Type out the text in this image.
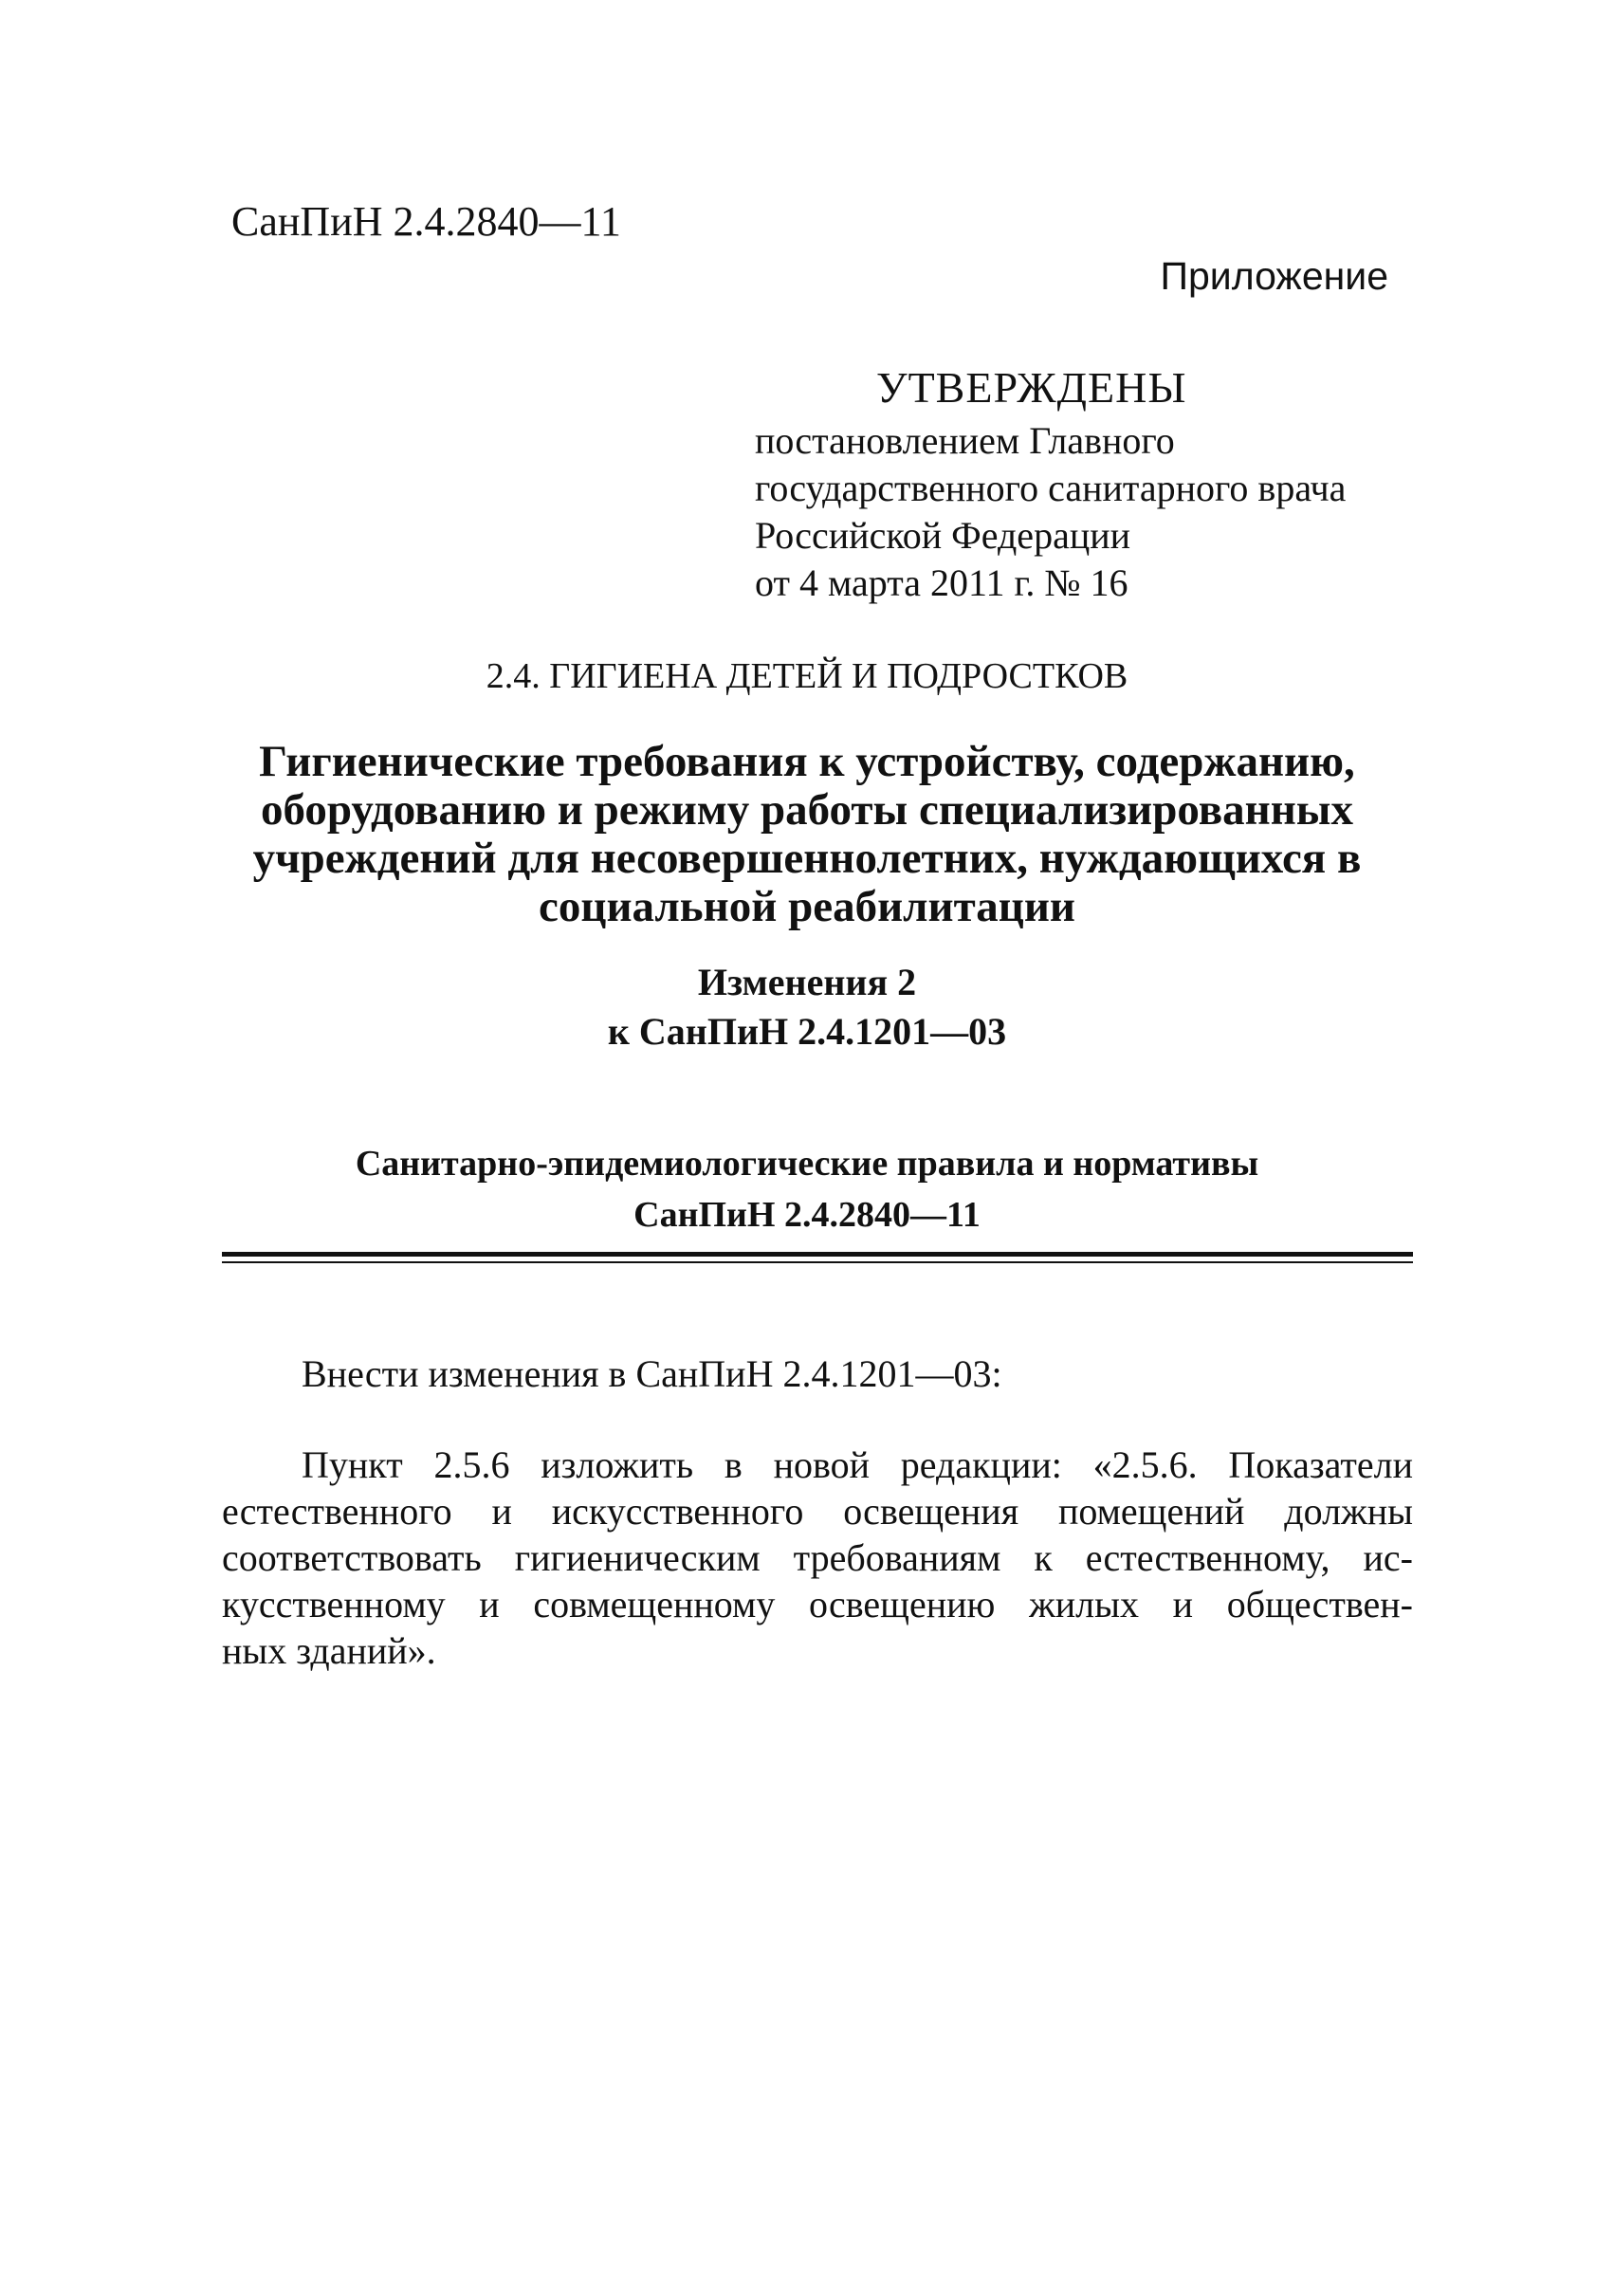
СанПиН 2.4.2840—11
Приложение
УТВЕРЖДЕНЫ
постановлением Главного
государственного санитарного врача
Российской Федерации
от 4 марта 2011 г. № 16
2.4. ГИГИЕНА ДЕТЕЙ И ПОДРОСТКОВ
Гигиенические требования к устройству, содержанию,
оборудованию и режиму работы специализированных
учреждений для несовершеннолетних, нуждающихся в
социальной реабилитации
Изменения 2
к СанПиН 2.4.1201—03
Санитарно-эпидемиологические правила и нормативы
СанПиН 2.4.2840—11
Внести изменения в СанПиН 2.4.1201—03:
Пункт 2.5.6 изложить в новой редакции: «2.5.6. Показатели
естественного и искусственного освещения помещений должны
соответствовать гигиеническим требованиям к естественному, ис-
кусственному и совмещенному освещению жилых и обществен-
ных зданий».
